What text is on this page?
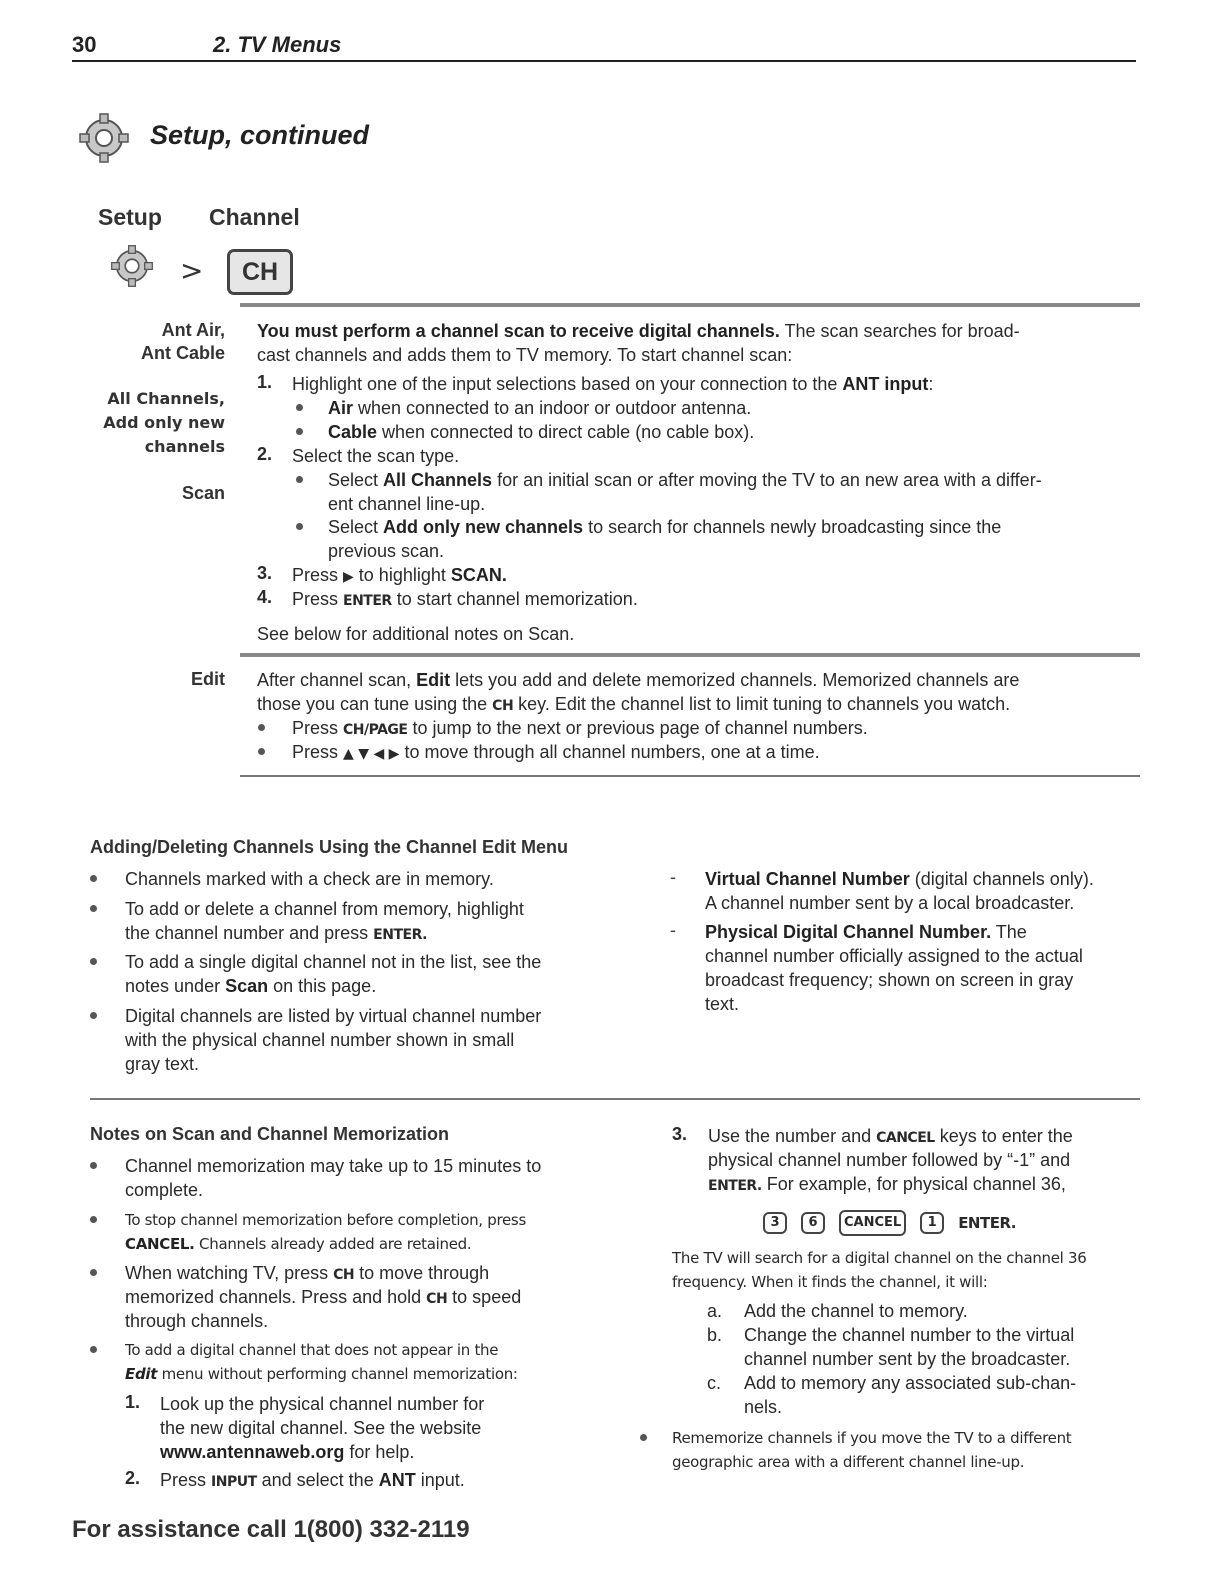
30	2. TV Menus
Setup, continued
Setup Channel
>	CH
Ant Air,
Ant Cable
All Channels,
Add only new
channels
Scan
You must perform a channel scan to receive digital channels. The scan searches for broad-
cast channels and adds them to TV memory. To start channel scan:
1. Highlight one of the input selections based on your connection to the ANT input:
Air when connected to an indoor or outdoor antenna.
Cable when connected to direct cable (no cable box).
2. Select the scan type.
Select All Channels for an initial scan or after moving the TV to an new area with a differ-
ent channel line-up.
Select Add only new channels to search for channels newly broadcasting since the
previous scan.
3. Press ▶ to highlight SCAN.
4. Press ENTER to start channel memorization.
See below for additional notes on Scan.
Edit After channel scan, Edit lets you add and delete memorized channels. Memorized channels are
those you can tune using the CH key. Edit the channel list to limit tuning to channels you watch.
Press CH/PAGE to jump to the next or previous page of channel numbers.
Press ▲ ▼ ◀ ▶ to move through all channel numbers, one at a time.
Adding/Deleting Channels Using the Channel Edit Menu
Channels marked with a check are in memory.
To add or delete a channel from memory, highlight
the channel number and press ENTER.
To add a single digital channel not in the list, see the
notes under Scan on this page.
Digital channels are listed by virtual channel number
with the physical channel number shown in small
gray text.
- Virtual Channel Number (digital channels only).
A channel number sent by a local broadcaster.
- Physical Digital Channel Number. The
channel number officially assigned to the actual
broadcast frequency; shown on screen in gray
text.
Notes on Scan and Channel Memorization
Channel memorization may take up to 15 minutes to
complete.
To stop channel memorization before completion, press
CANCEL. Channels already added are retained.
When watching TV, press CH to move through
memorized channels. Press and hold CH to speed
through channels.
To add a digital channel that does not appear in the
Edit menu without performing channel memorization:
1. Look up the physical channel number for
the new digital channel. See the website
www.antennaweb.org for help.
2. Press INPUT and select the ANT input.
3. Use the number and CANCEL keys to enter the
physical channel number followed by “-1” and
ENTER. For example, for physical channel 36,
3 6 CANCEL 1 ENTER.
The TV will search for a digital channel on the channel 36
frequency. When it finds the channel, it will:
a. Add the channel to memory.
b. Change the channel number to the virtual
channel number sent by the broadcaster.
c. Add to memory any associated sub-chan-
nels.
Rememorize channels if you move the TV to a different
geographic area with a different channel line-up.
For assistance call 1(800) 332-2119
